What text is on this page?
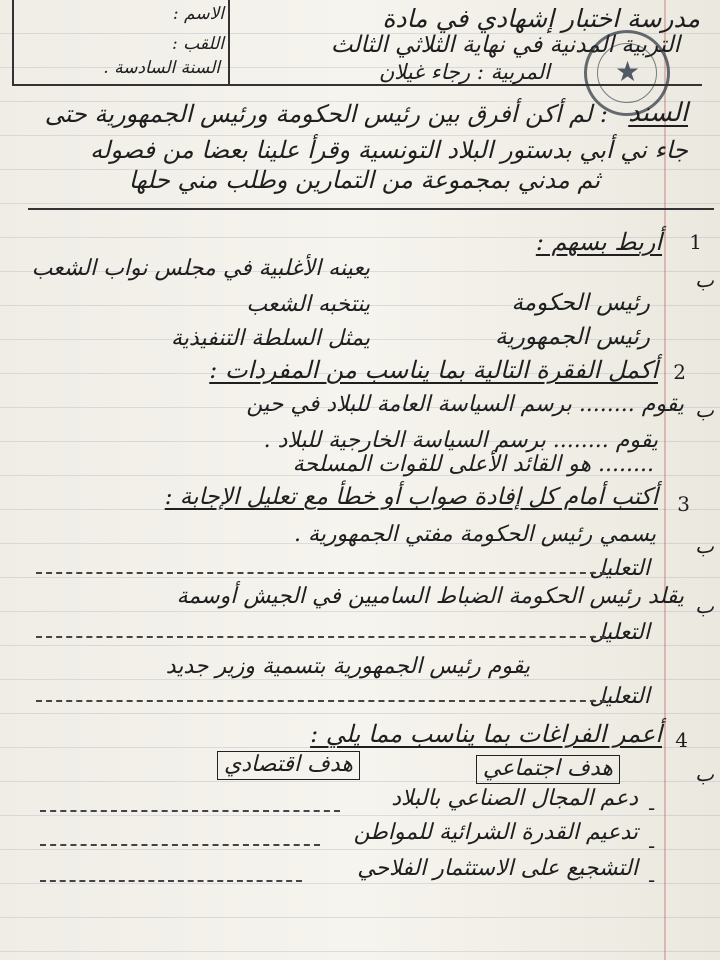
مدرسة اختبار إشهادي في مادة
التربية المدنية في نهاية الثلاثي الثالث
المربية : رجاء غيلان
الاسم :
اللقب :
السنة السادسة .	★
السند
: لم أكن أفرق بين رئيس الحكومة ورئيس الجمهورية حتى
جاء ني أبي بدستور البلاد التونسية وقرأ علينا بعضا من فصوله
ثم مدني بمجموعة من التمارين وطلب مني حلها
1
أربط بسهم :
ب
يعينه الأغلبية في مجلس نواب الشعب
ينتخبه الشعب
يمثل السلطة التنفيذية
رئيس الحكومة
رئيس الجمهورية
2
أكمل الفقرة التالية بما يناسب من المفردات :
ب
يقوم ........ برسم السياسة العامة للبلاد في حين
يقوم ........ برسم السياسة الخارجية للبلاد .
........ هو القائد الأعلى للقوات المسلحة
3
أكتب أمام كل إفادة صواب أو خطأ مع تعليل الإجابة :
ب
يسمي رئيس الحكومة مفتي الجمهورية .
التعليل
ب
يقلد رئيس الحكومة الضباط الساميين في الجيش أوسمة
التعليل
يقوم رئيس الجمهورية بتسمية وزير جديد
التعليل
4
أعمر الفراغات بما يناسب مما يلي :
ب
هدف اجتماعي
هدف اقتصادي
-
دعم المجال الصناعي بالبلاد
-
تدعيم القدرة الشرائية للمواطن
-
التشجيع على الاستثمار الفلاحي
